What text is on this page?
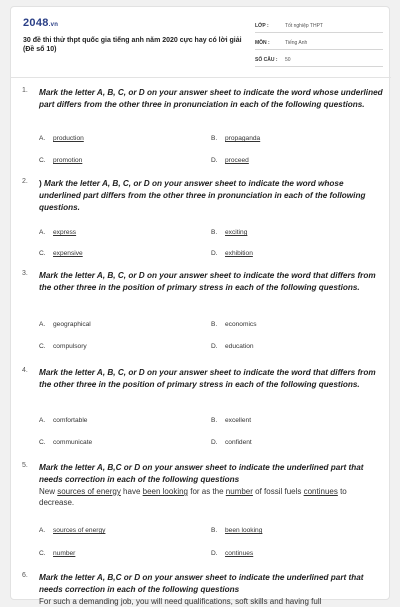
2048.vn
30 đề thi thử thpt quốc gia tiếng anh năm 2020 cực hay có lời giải (Đề số 10)
LỚP :	Tốt nghiệp THPT
MÔN :	Tiếng Anh
SỐ CÂU :	50
1. Mark the letter A, B, C, or D on your answer sheet to indicate the word whose underlined part differs from the other three in pronunciation in each of the following questions.
A. production	B. propaganda
C. promotion	D. proceed
2. ) Mark the letter A, B, C, or D on your answer sheet to indicate the word whose underlined part differs from the other three in pronunciation in each of the following questions.
A. express	B. exciting
C. expensive	D. exhibition
3. Mark the letter A, B, C, or D on your answer sheet to indicate the word that differs from the other three in the position of primary stress in each of the following questions.
A. geographical	B. economics
C. compulsory	D. education
4. Mark the letter A, B, C, or D on your answer sheet to indicate the word that differs from the other three in the position of primary stress in each of the following questions.
A. comfortable	B. excellent
C. communicate	D. confident
5. Mark the letter A, B,C or D on your answer sheet to indicate the underlined part that needs correction in each of the following questions
New sources of energy have been looking for as the number of fossil fuels continues to decrease.
A. sources of energy	B. been looking
C. number	D. continues
6. Mark the letter A, B,C or D on your answer sheet to indicate the underlined part that needs correction in each of the following questions
For such a demanding job, you will need qualifications, soft skills and having full
